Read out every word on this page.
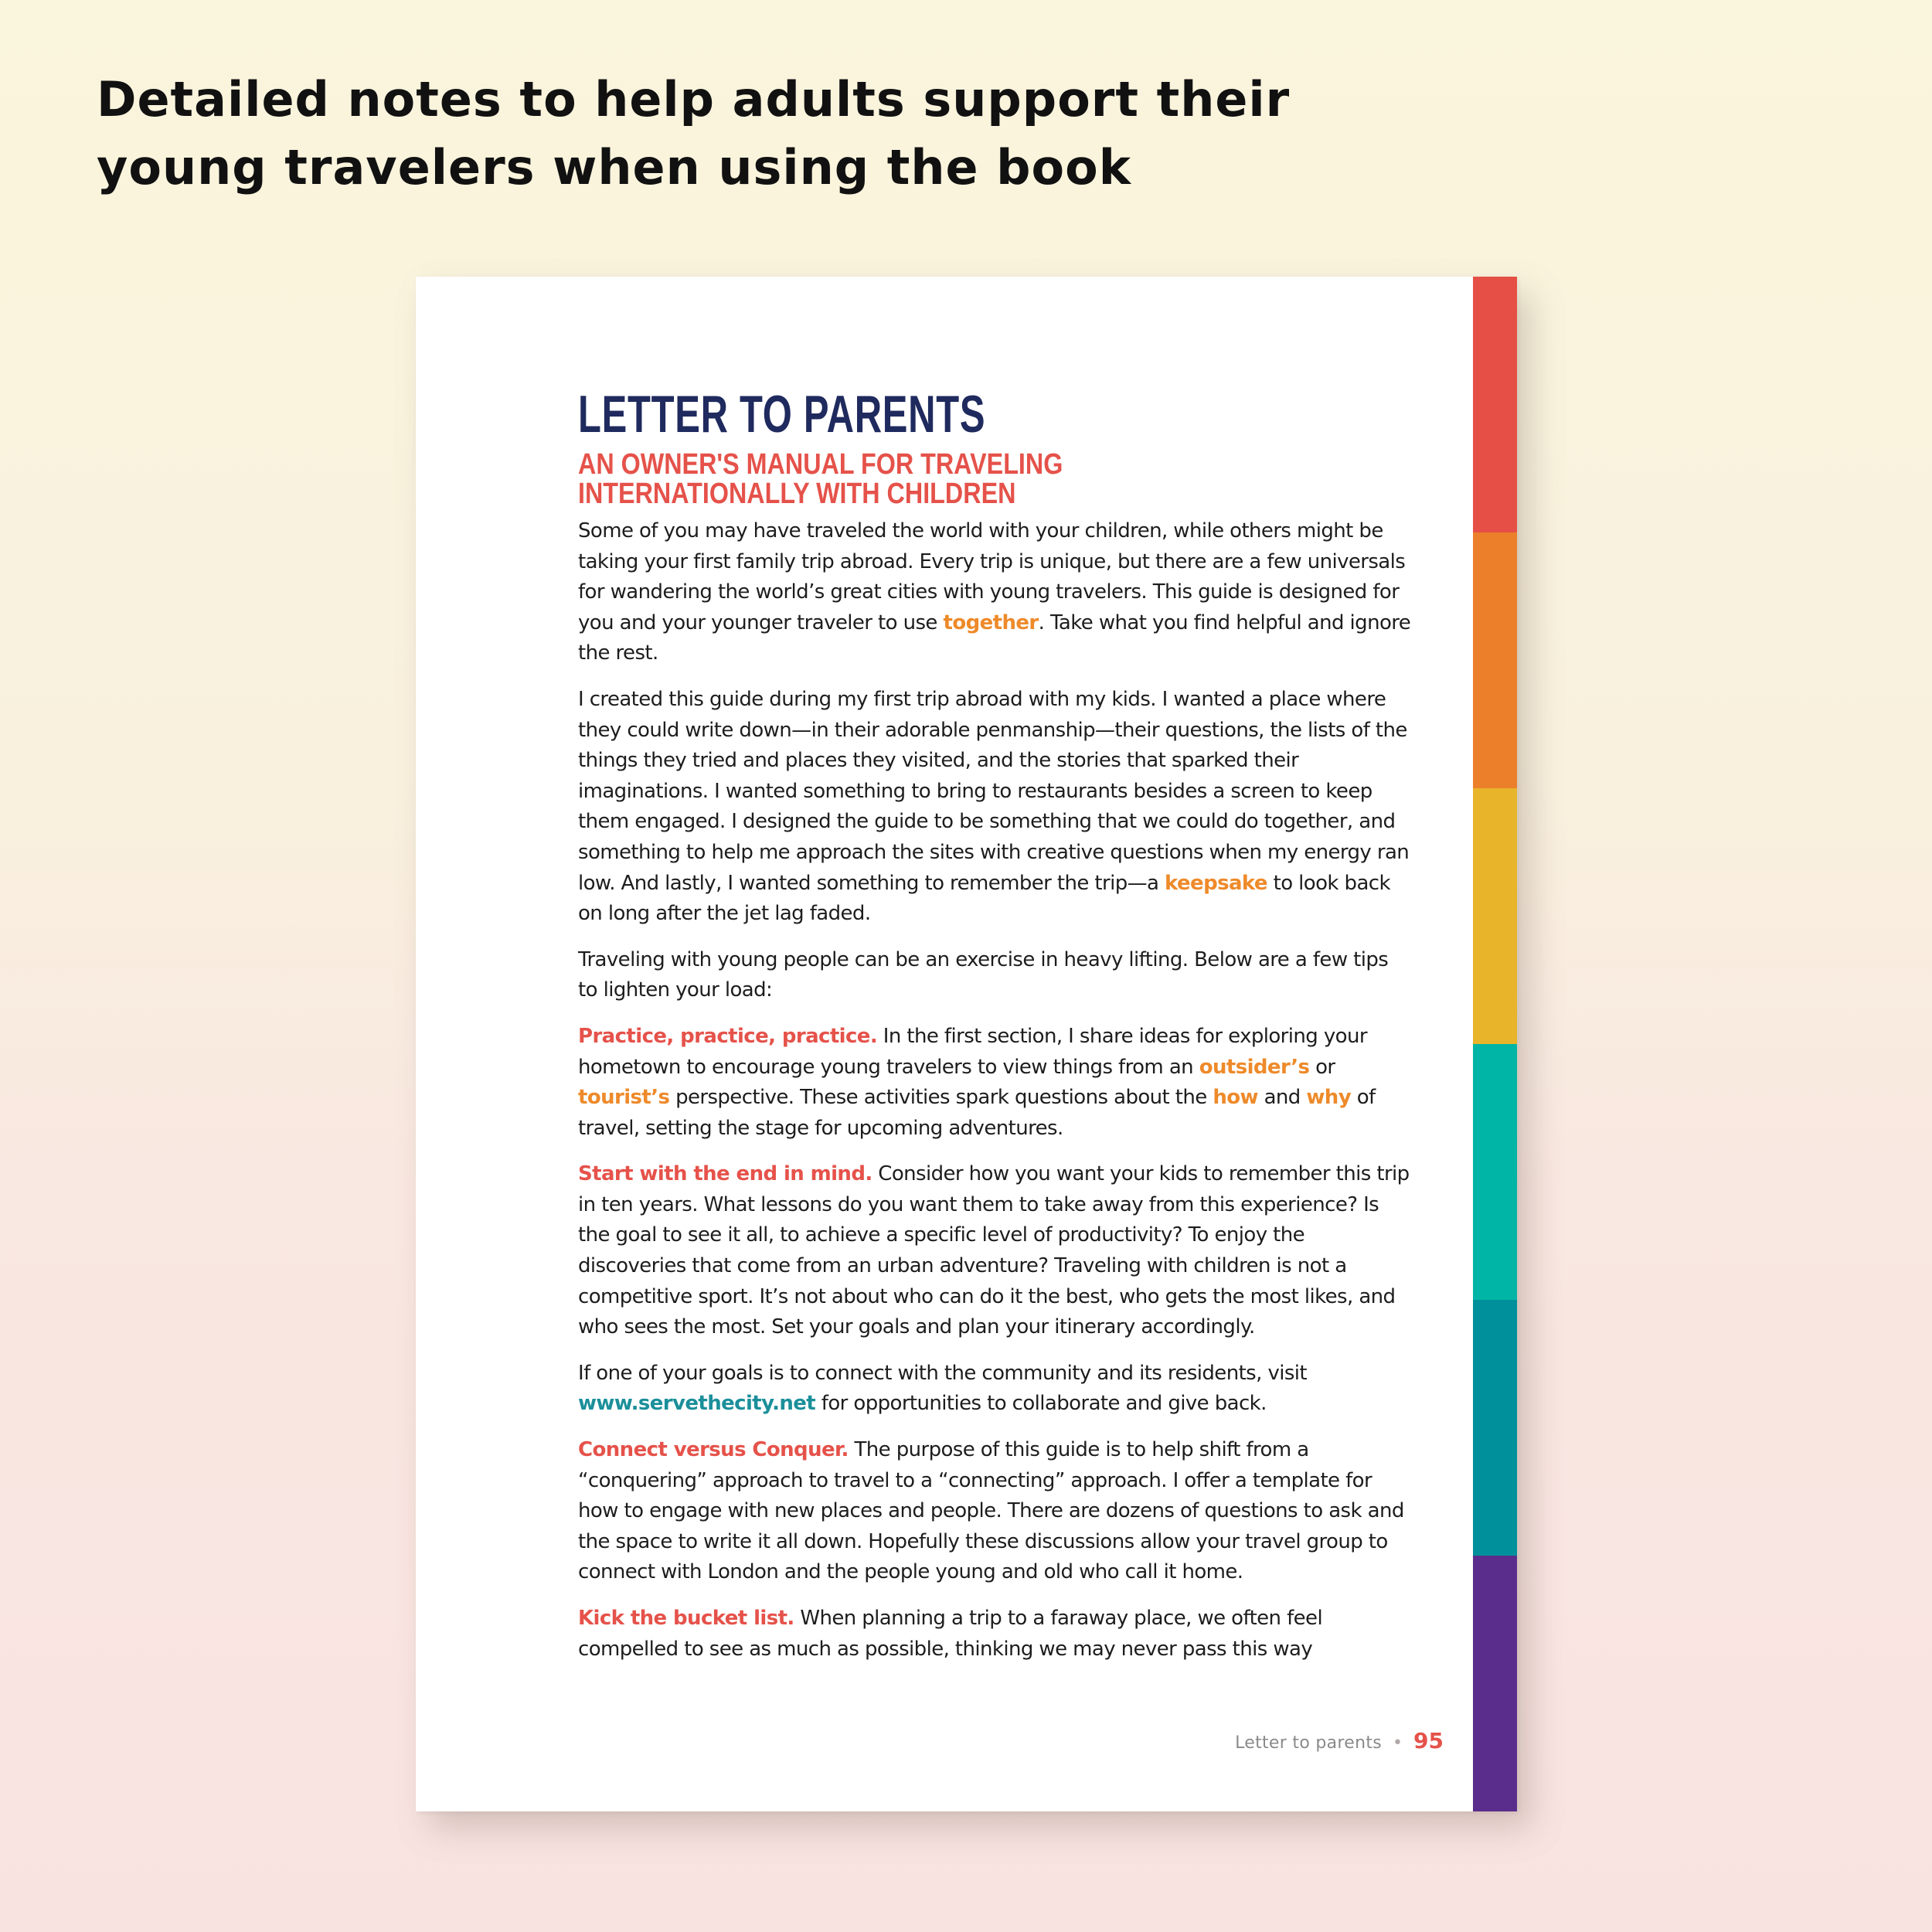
Detailed notes to help adults support their young travelers when using the book
LETTER TO PARENTS
AN OWNER'S MANUAL FOR TRAVELING INTERNATIONALLY WITH CHILDREN

Some of you may have traveled the world with your children, while others might be taking your first family trip abroad. Every trip is unique, but there are a few universals for wandering the world’s great cities with young travelers. This guide is designed for you and your younger traveler to use together. Take what you find helpful and ignore the rest.

I created this guide during my first trip abroad with my kids. I wanted a place where they could write down—in their adorable penmanship—their questions, the lists of the things they tried and places they visited, and the stories that sparked their imaginations. I wanted something to bring to restaurants besides a screen to keep them engaged. I designed the guide to be something that we could do together, and something to help me approach the sites with creative questions when my energy ran low. And lastly, I wanted something to remember the trip—a keepsake to look back on long after the jet lag faded.

Traveling with young people can be an exercise in heavy lifting. Below are a few tips to lighten your load:

Practice, practice, practice. In the first section, I share ideas for exploring your hometown to encourage young travelers to view things from an outsider’s or tourist’s perspective. These activities spark questions about the how and why of travel, setting the stage for upcoming adventures.

Start with the end in mind. Consider how you want your kids to remember this trip in ten years. What lessons do you want them to take away from this experience? Is the goal to see it all, to achieve a specific level of productivity? To enjoy the discoveries that come from an urban adventure? Traveling with children is not a competitive sport. It’s not about who can do it the best, who gets the most likes, and who sees the most. Set your goals and plan your itinerary accordingly.

If one of your goals is to connect with the community and its residents, visit www.servethecity.net for opportunities to collaborate and give back.

Connect versus Conquer. The purpose of this guide is to help shift from a “conquering” approach to travel to a “connecting” approach. I offer a template for how to engage with new places and people. There are dozens of questions to ask and the space to write it all down. Hopefully these discussions allow your travel group to connect with London and the people young and old who call it home.

Kick the bucket list. When planning a trip to a faraway place, we often feel compelled to see as much as possible, thinking we may never pass this way

Letter to parents • 95
